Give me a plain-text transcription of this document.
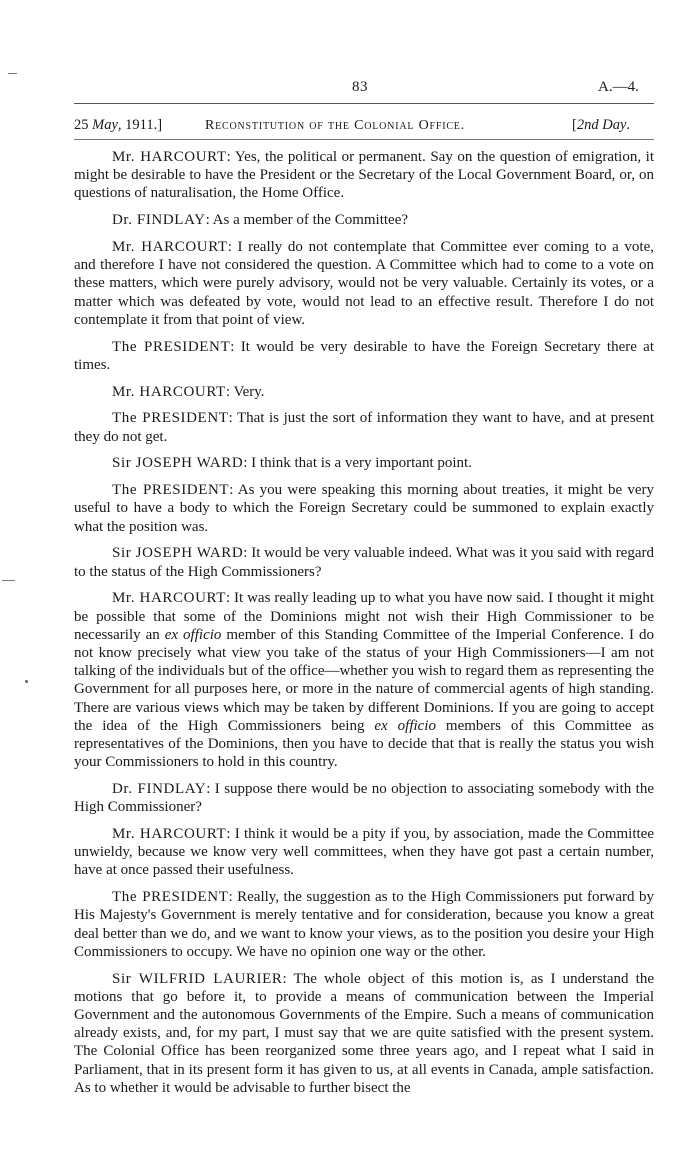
83	A.—4.
25 May, 1911.]	Reconstitution of the Colonial Office.	[2nd Day.

Mr. HARCOURT: Yes, the political or permanent. Say on the question of emigration, it might be desirable to have the President or the Secretary of the Local Government Board, or, on questions of naturalisation, the Home Office.

Dr. FINDLAY: As a member of the Committee?

Mr. HARCOURT: I really do not contemplate that Committee ever coming to a vote, and therefore I have not considered the question. A Committee which had to come to a vote on these matters, which were purely advisory, would not be very valuable. Certainly its votes, or a matter which was defeated by vote, would not lead to an effective result. Therefore I do not contemplate it from that point of view.

The PRESIDENT: It would be very desirable to have the Foreign Secretary there at times.

Mr. HARCOURT: Very.

The PRESIDENT: That is just the sort of information they want to have, and at present they do not get.

Sir JOSEPH WARD: I think that is a very important point.

The PRESIDENT: As you were speaking this morning about treaties, it might be very useful to have a body to which the Foreign Secretary could be summoned to explain exactly what the position was.

Sir JOSEPH WARD: It would be very valuable indeed. What was it you said with regard to the status of the High Commissioners?

Mr. HARCOURT: It was really leading up to what you have now said. I thought it might be possible that some of the Dominions might not wish their High Commissioner to be necessarily an ex officio member of this Standing Committee of the Imperial Conference. I do not know precisely what view you take of the status of your High Commissioners—I am not talking of the individuals but of the office—whether you wish to regard them as representing the Government for all purposes here, or more in the nature of commercial agents of high standing. There are various views which may be taken by different Dominions. If you are going to accept the idea of the High Commissioners being ex officio members of this Committee as representatives of the Dominions, then you have to decide that that is really the status you wish your Commissioners to hold in this country.

Dr. FINDLAY: I suppose there would be no objection to associating somebody with the High Commissioner?

Mr. HARCOURT: I think it would be a pity if you, by association, made the Committee unwieldy, because we know very well committees, when they have got past a certain number, have at once passed their usefulness.

The PRESIDENT: Really, the suggestion as to the High Commissioners put forward by His Majesty's Government is merely tentative and for consideration, because you know a great deal better than we do, and we want to know your views, as to the position you desire your High Commissioners to occupy. We have no opinion one way or the other.

Sir WILFRID LAURIER: The whole object of this motion is, as I understand the motions that go before it, to provide a means of communication between the Imperial Government and the autonomous Governments of the Empire. Such a means of communication already exists, and, for my part, I must say that we are quite satisfied with the present system. The Colonial Office has been reorganized some three years ago, and I repeat what I said in Parliament, that in its present form it has given to us, at all events in Canada, ample satisfaction. As to whether it would be advisable to further bisect the
